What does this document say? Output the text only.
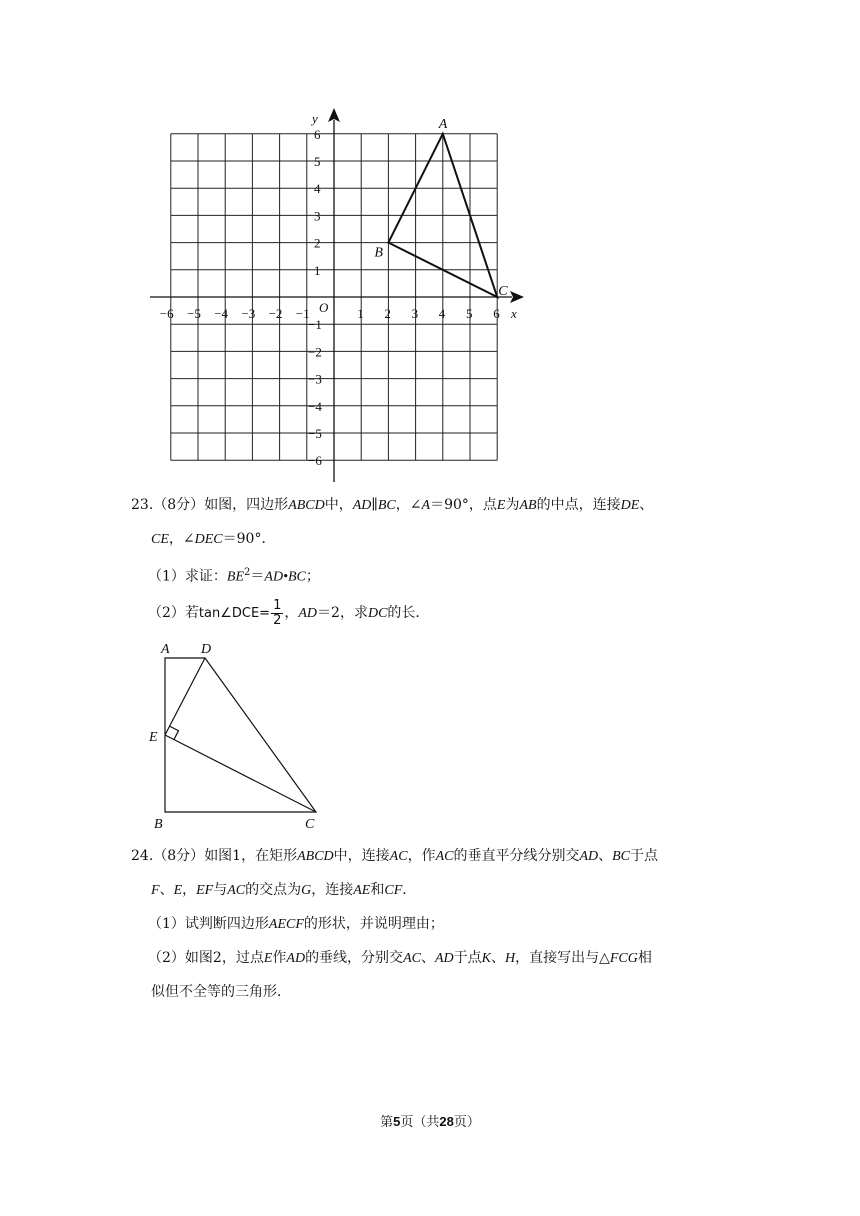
−6 −5 −4 −3 −2 −1	1 2 3 4 5 6
6
5
4
3
2
1
−1
−2
−3
−4
−5
−6
x
y
O
A
B
C
23.（8分）如图，四边形ABCD中，AD∥BC，∠A＝90°，点E为AB的中点，连接DE、
CE，∠DEC＝90°．
（1）求证：$BE^2=AD•BC$；
（2）若tan∠DCE= $\frac{1}{2}$ ，AD＝2，求DC的长．
A D
E
B	C
24.（8分）如图1，在矩形ABCD中，连接AC，作AC的垂直平分线分别交AD、BC于点
F、E，EF与AC的交点为G，连接AE和CF．
（1）试判断四边形AECF的形状，并说明理由；
（2）如图2，过点E作AD的垂线，分别交AC、AD于点K、H，直接写出与△FCG相
似但不全等的三角形．
第5页（共28页）
